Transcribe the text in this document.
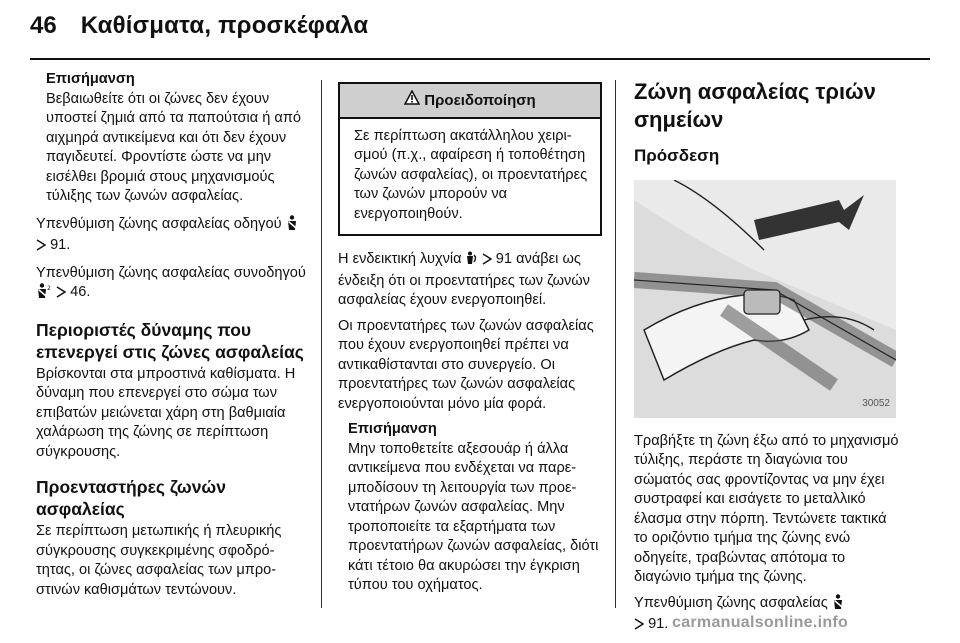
46 Καθίσματα, προσκέφαλα
Επισήμανση
Βεβαιωθείτε ότι οι ζώνες δεν έχουν υποστεί ζημιά από τα παπούτσια ή από αιχμηρά αντικείμενα και ότι δεν έχουν παγιδευτεί. Φροντίστε ώστε να μην εισέλθει βρομιά στους μηχανισμούς τύλιξης των ζωνών ασφαλείας.

Υπενθύμιση ζώνης ασφαλείας οδηγού   91.

Υπενθύμιση ζώνης ασφαλείας συνοδηγού
2 46.

Περιοριστές δύναμης που επενεργεί στις ζώνες ασφαλείας

Βρίσκονται στα μπροστινά καθίσματα. Η δύναμη που επενεργεί στο σώμα των επιβατών μειώνεται χάρη στη βαθμιαία χαλάρωση της ζώνης σε περίπτωση σύγκρουσης.

Προενταστήρες ζωνών ασφαλείας

Σε περίπτωση μετωπικής ή πλευρικής σύγκρουσης συγκεκριμένης σφοδρότητας, οι ζώνες ασφαλείας των μπροστινών καθισμάτων τεντώνουν.

Προειδοποίηση
Σε περίπτωση ακατάλληλου χειρισμού (π.χ., αφαίρεση ή τοποθέτηση ζωνών ασφαλείας), οι προεντατήρες των ζωνών μπορούν να ενεργοποιηθούν.

Η ενδεικτική λυχνία 91 ανάβει ως ένδειξη ότι οι προεντατήρες των ζωνών ασφαλείας έχουν ενεργοποιηθεί.

Οι προεντατήρες των ζωνών ασφαλείας που έχουν ενεργοποιηθεί πρέπει να αντικαθίστανται στο συνεργείο. Οι προεντατήρες των ζωνών ασφαλείας ενεργοποιούνται μόνο μία φορά.

Επισήμανση
Μην τοποθετείτε αξεσουάρ ή άλλα αντικείμενα που ενδέχεται να παρεμποδίσουν τη λειτουργία των προεντατήρων ζωνών ασφαλείας. Μην τροποποιείτε τα εξαρτήματα των προεντατήρων ζωνών ασφαλείας, διότι κάτι τέτοιο θα ακυρώσει την έγκριση τύπου του οχήματος.
Ζώνη ασφαλείας τριών σημείων
Πρόσδεση
30052

Τραβήξτε τη ζώνη έξω από το μηχανισμό τύλιξης, περάστε τη διαγώνια του σώματός σας φροντίζοντας να μην έχει συστραφεί και εισάγετε το μεταλλικό έλασμα στην πόρπη. Τεντώνετε τακτικά το οριζόντιο τμήμα της ζώνης ενώ οδηγείτε, τραβώντας απότομα το διαγώνιο τμήμα της ζώνης.

Υπενθύμιση ζώνης ασφαλείας
91. carmanualsonline.info
